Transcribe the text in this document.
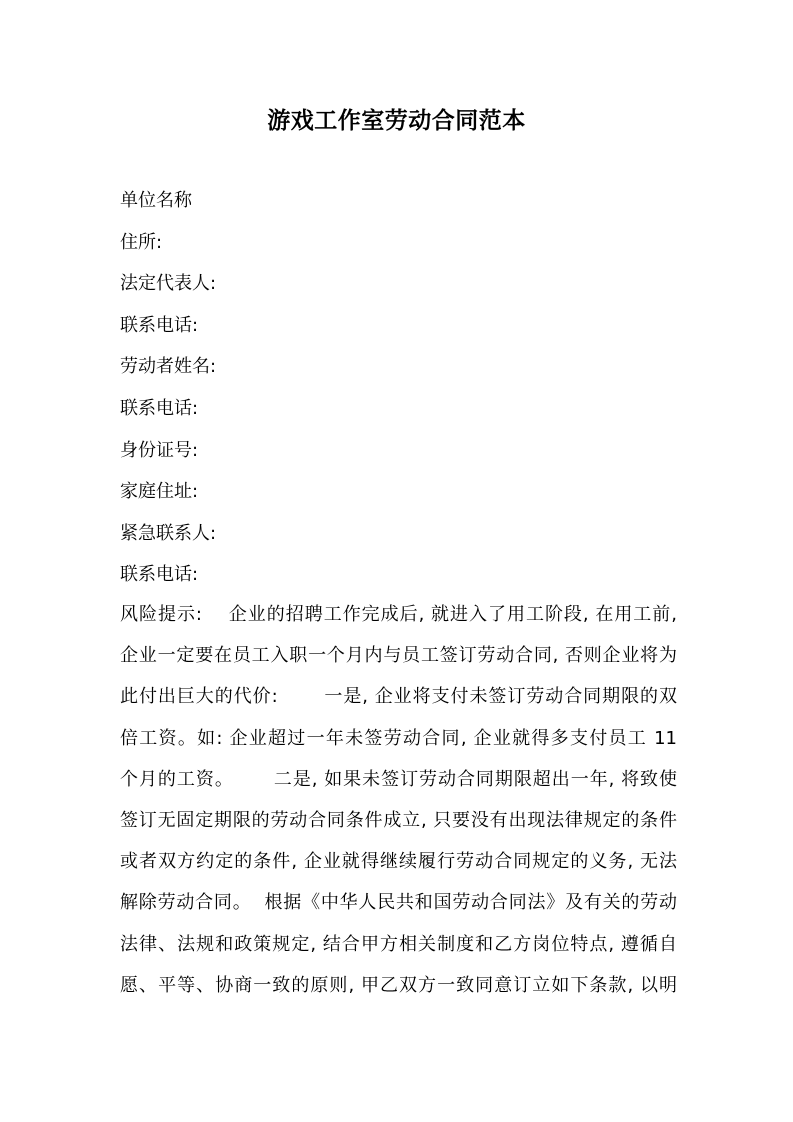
游戏工作室劳动合同范本
单位名称
住所:
法定代表人:
联系电话:
劳动者姓名:
联系电话:
身份证号:
家庭住址:
紧急联系人:
联系电话:
风险提示:    企业的招聘工作完成后, 就进入了用工阶段, 在用工前,
企业一定要在员工入职一个月内与员工签订劳动合同, 否则企业将为
此付出巨大的代价:       一是, 企业将支付未签订劳动合同期限的双
倍工资。如: 企业超过一年未签劳动合同, 企业就得多支付员工 11
个月的工资。      二是, 如果未签订劳动合同期限超出一年, 将致使
签订无固定期限的劳动合同条件成立, 只要没有出现法律规定的条件
或者双方约定的条件, 企业就得继续履行劳动合同规定的义务, 无法
解除劳动合同。  根据《中华人民共和国劳动合同法》及有关的劳动
法律、法规和政策规定, 结合甲方相关制度和乙方岗位特点, 遵循自
愿、平等、协商一致的原则, 甲乙双方一致同意订立如下条款, 以明
